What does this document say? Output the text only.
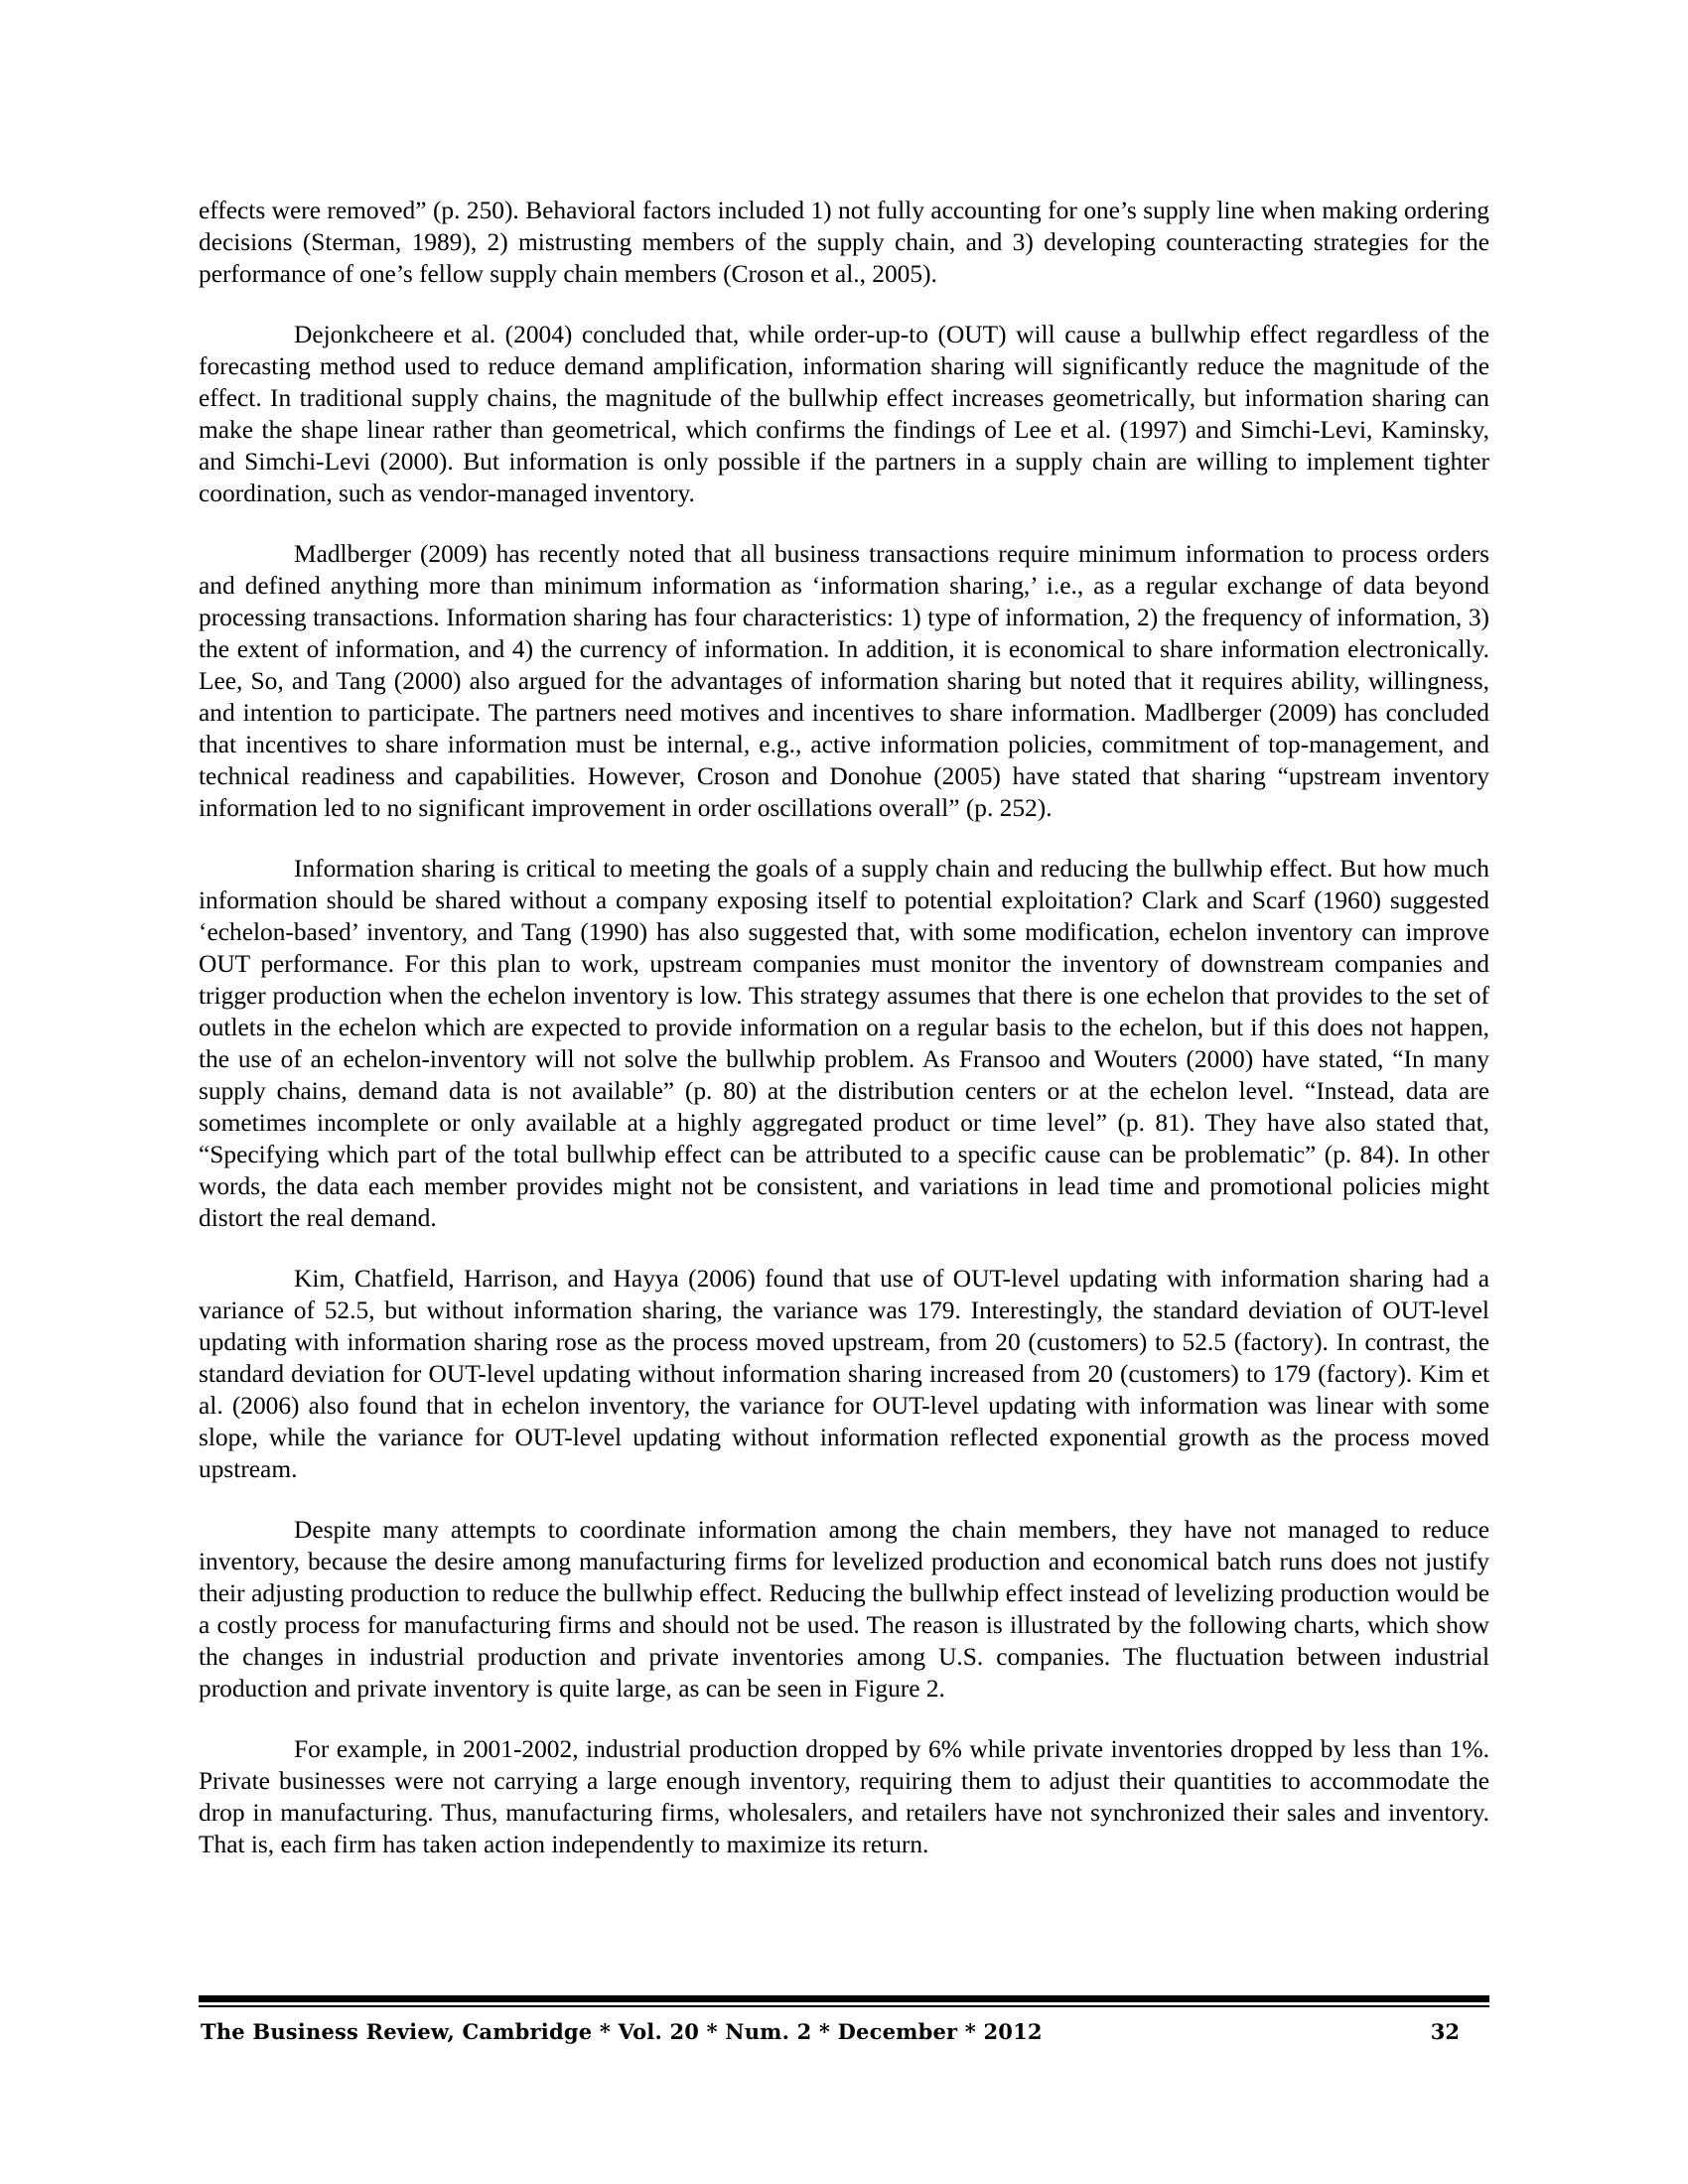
effects were removed” (p. 250). Behavioral factors included 1) not fully accounting for one’s supply line when making ordering decisions (Sterman, 1989), 2) mistrusting members of the supply chain, and 3) developing counteracting strategies for the performance of one’s fellow supply chain members (Croson et al., 2005).

Dejonkcheere et al. (2004) concluded that, while order-up-to (OUT) will cause a bullwhip effect regardless of the forecasting method used to reduce demand amplification, information sharing will significantly reduce the magnitude of the effect. In traditional supply chains, the magnitude of the bullwhip effect increases geometrically, but information sharing can make the shape linear rather than geometrical, which confirms the findings of Lee et al. (1997) and Simchi-Levi, Kaminsky, and Simchi-Levi (2000). But information is only possible if the partners in a supply chain are willing to implement tighter coordination, such as vendor-managed inventory.

Madlberger (2009) has recently noted that all business transactions require minimum information to process orders and defined anything more than minimum information as ‘information sharing,’ i.e., as a regular exchange of data beyond processing transactions. Information sharing has four characteristics: 1) type of information, 2) the frequency of information, 3) the extent of information, and 4) the currency of information. In addition, it is economical to share information electronically. Lee, So, and Tang (2000) also argued for the advantages of information sharing but noted that it requires ability, willingness, and intention to participate. The partners need motives and incentives to share information. Madlberger (2009) has concluded that incentives to share information must be internal, e.g., active information policies, commitment of top-management, and technical readiness and capabilities. However, Croson and Donohue (2005) have stated that sharing “upstream inventory information led to no significant improvement in order oscillations overall” (p. 252).

Information sharing is critical to meeting the goals of a supply chain and reducing the bullwhip effect. But how much information should be shared without a company exposing itself to potential exploitation? Clark and Scarf (1960) suggested ‘echelon-based’ inventory, and Tang (1990) has also suggested that, with some modification, echelon inventory can improve OUT performance. For this plan to work, upstream companies must monitor the inventory of downstream companies and trigger production when the echelon inventory is low. This strategy assumes that there is one echelon that provides to the set of outlets in the echelon which are expected to provide information on a regular basis to the echelon, but if this does not happen, the use of an echelon-inventory will not solve the bullwhip problem. As Fransoo and Wouters (2000) have stated, “In many supply chains, demand data is not available” (p. 80) at the distribution centers or at the echelon level. “Instead, data are sometimes incomplete or only available at a highly aggregated product or time level” (p. 81). They have also stated that, “Specifying which part of the total bullwhip effect can be attributed to a specific cause can be problematic” (p. 84). In other words, the data each member provides might not be consistent, and variations in lead time and promotional policies might distort the real demand.

Kim, Chatfield, Harrison, and Hayya (2006) found that use of OUT-level updating with information sharing had a variance of 52.5, but without information sharing, the variance was 179. Interestingly, the standard deviation of OUT-level updating with information sharing rose as the process moved upstream, from 20 (customers) to 52.5 (factory). In contrast, the standard deviation for OUT-level updating without information sharing increased from 20 (customers) to 179 (factory). Kim et al. (2006) also found that in echelon inventory, the variance for OUT-level updating with information was linear with some slope, while the variance for OUT-level updating without information reflected exponential growth as the process moved upstream.

Despite many attempts to coordinate information among the chain members, they have not managed to reduce inventory, because the desire among manufacturing firms for levelized production and economical batch runs does not justify their adjusting production to reduce the bullwhip effect. Reducing the bullwhip effect instead of levelizing production would be a costly process for manufacturing firms and should not be used. The reason is illustrated by the following charts, which show the changes in industrial production and private inventories among U.S. companies. The fluctuation between industrial production and private inventory is quite large, as can be seen in Figure 2.

For example, in 2001-2002, industrial production dropped by 6% while private inventories dropped by less than 1%. Private businesses were not carrying a large enough inventory, requiring them to adjust their quantities to accommodate the drop in manufacturing. Thus, manufacturing firms, wholesalers, and retailers have not synchronized their sales and inventory. That is, each firm has taken action independently to maximize its return.

The Business Review, Cambridge * Vol. 20 * Num. 2 * December * 2012	32
